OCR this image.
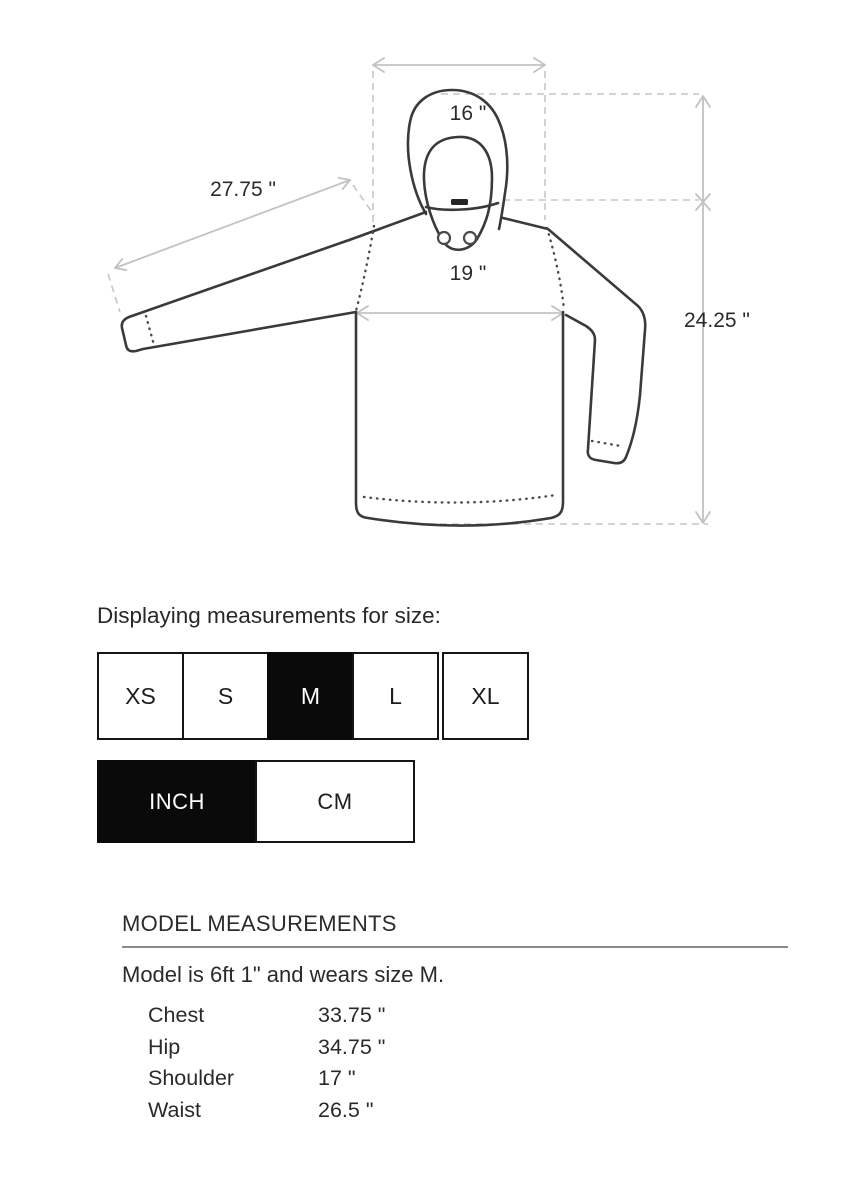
16 "
27.75 "
19 "
24.25 "
Displaying measurements for size:
XS	S	M	L	XL
INCH	CM
MODEL MEASUREMENTS
Model is 6ft 1" and wears size M.
Chest	33.75 "
Hip	34.75 "
Shoulder	17 "
Waist	26.5 "
